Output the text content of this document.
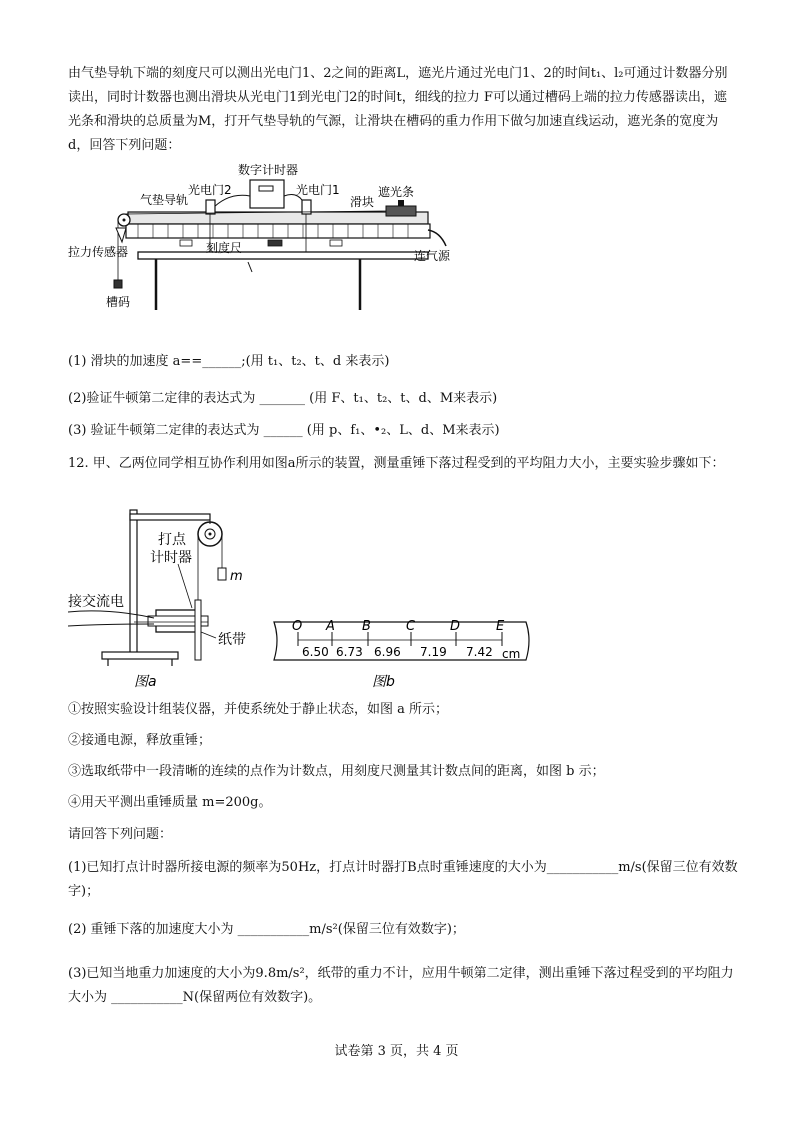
由气垫导轨下端的刻度尺可以测出光电门1、2之间的距离L，遮光片通过光电门1、2的时间t₁、l₂可通过计数器分别读出，同时计数器也测出滑块从光电门1到光电门2的时间t，细线的拉力 F可以通过槽码上端的拉力传感器读出，遮光条和滑块的总质量为M，打开气垫导轨的气源，让滑块在槽码的重力作用下做匀加速直线运动，遮光条的宽度为 d，回答下列问题：
数字计时器
光电门2	光电门1
气垫导轨	滑块
遮光条
刻度尺
拉力传感器	连气源
槽码
(1) 滑块的加速度 a==______;(用 t₁、t₂、t、d 来表示)
(2)验证牛顿第二定律的表达式为 _______ (用 F、t₁、t₂、t、d、M来表示)
(3) 验证牛顿第二定律的表达式为 ______ (用 p、f₁、•₂、L、d、M来表示)
12. 甲、乙两位同学相互协作利用如图a所示的装置，测量重锤下落过程受到的平均阻力大小，主要实验步骤如下：
m
打点
计时器
接交流电
纸带
图a
O A B	C	D	E
6.50 6.73 6.96 7.19 7.42 cm
图b
①按照实验设计组装仪器，并使系统处于静止状态，如图 a 所示；
②接通电源，释放重锤；
③选取纸带中一段清晰的连续的点作为计数点，用刻度尺测量其计数点间的距离，如图 b 示；
④用天平测出重锤质量 m=200g。
请回答下列问题：
(1)已知打点计时器所接电源的频率为50Hz，打点计时器打B点时重锤速度的大小为___________m/s(保留三位有效数字)；
(2) 重锤下落的加速度大小为 ___________m/s²(保留三位有效数字)；
(3)已知当地重力加速度的大小为9.8m/s²，纸带的重力不计，应用牛顿第二定律，测出重锤下落过程受到的平均阻力大小为 ___________N(保留两位有效数字)。
试卷第 3 页，共 4 页
